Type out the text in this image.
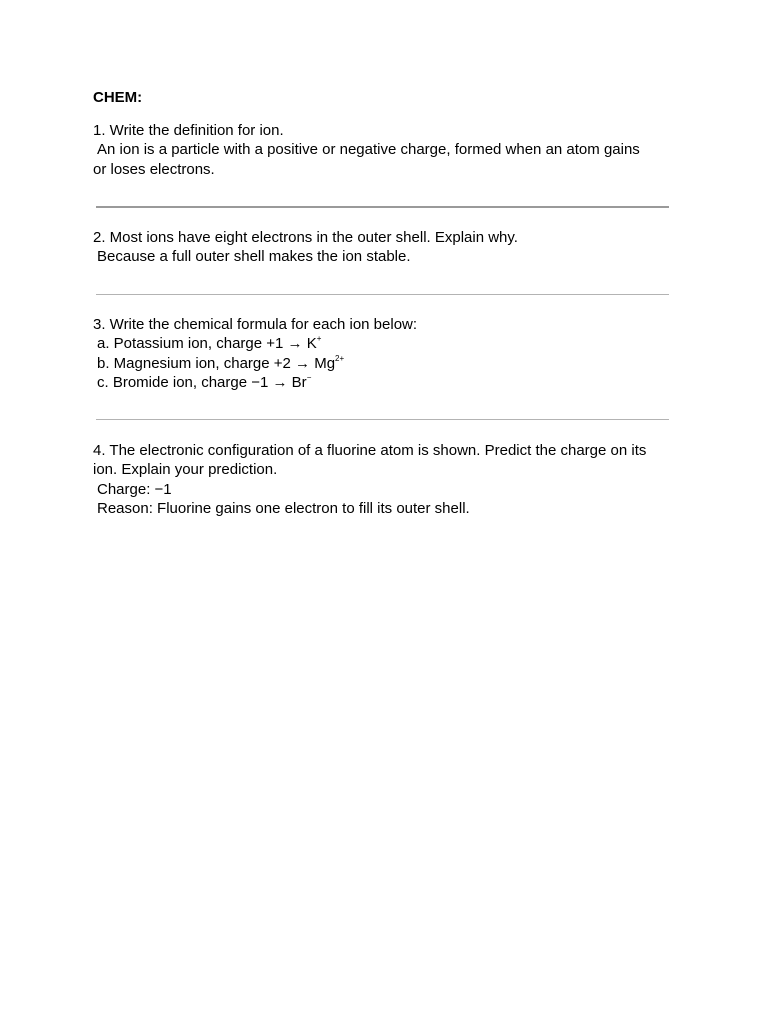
CHEM:
1. Write the definition for ion.
An ion is a particle with a positive or negative charge, formed when an atom gains
or loses electrons.
2. Most ions have eight electrons in the outer shell. Explain why.
Because a full outer shell makes the ion stable.
3. Write the chemical formula for each ion below:
a. Potassium ion, charge +1 → K+
b. Magnesium ion, charge $+2 \to Mg^{2+}$
c. Bromide ion, charge −1 → Br−
4. The electronic configuration of a fluorine atom is shown. Predict the charge on its
ion. Explain your prediction.
Charge: −1
Reason: Fluorine gains one electron to fill its outer shell.
